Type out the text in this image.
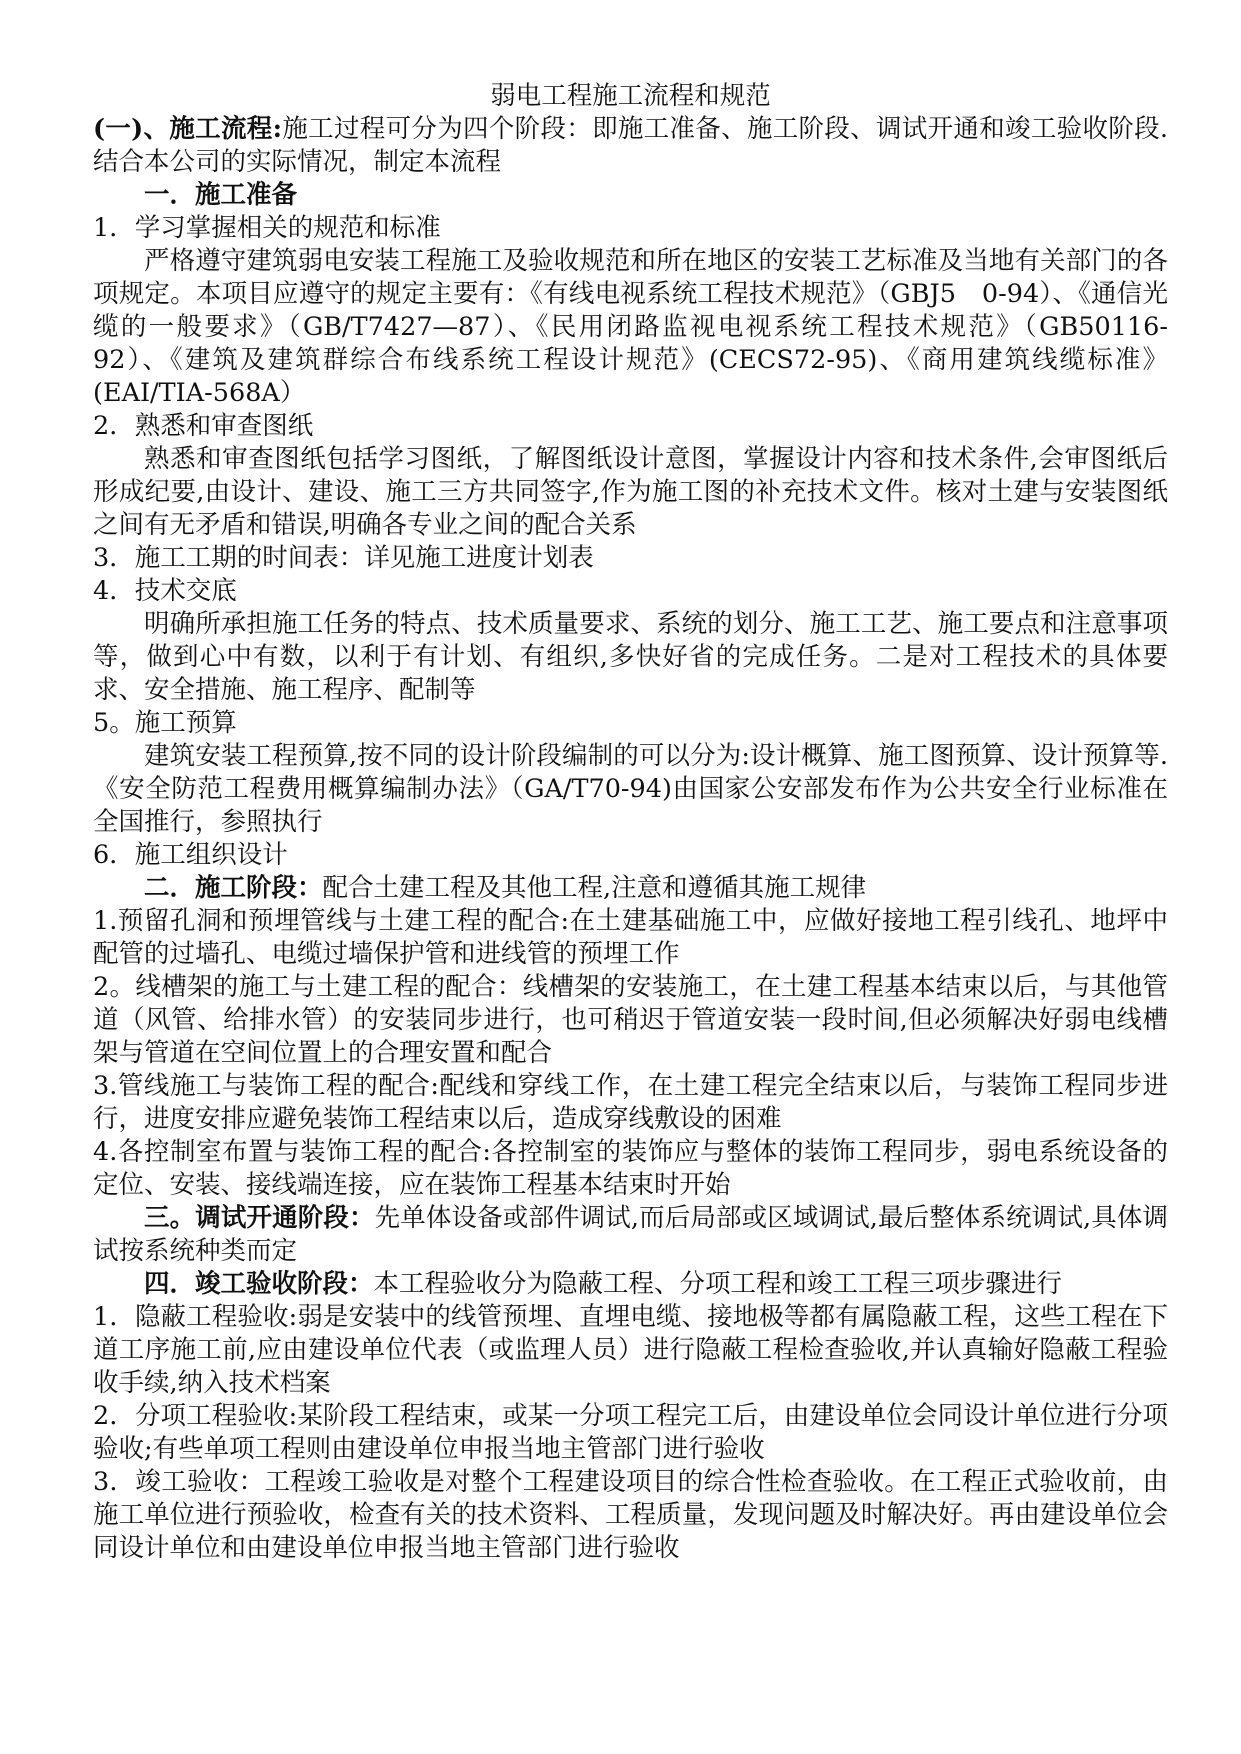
弱电工程施工流程和规范

(一)、施工流程:施工过程可分为四个阶段：即施工准备、施工阶段、调试开通和竣工验收阶段.结合本公司的实际情况，制定本流程

一．施工准备

1．学习掌握相关的规范和标准

严格遵守建筑弱电安装工程施工及验收规范和所在地区的安装工艺标准及当地有关部门的各项规定。本项目应遵守的规定主要有：《有线电视系统工程技术规范》（GBJ5　0-94）、《通信光缆的一般要求》（GB/T7427—87）、《民用闭路监视电视系统工程技术规范》（GB50116-92）、《建筑及建筑群综合布线系统工程设计规范》(CECS72-95)、《商用建筑线缆标准》(EAI/TIA-568A）

2．熟悉和审查图纸

熟悉和审查图纸包括学习图纸，了解图纸设计意图，掌握设计内容和技术条件,会审图纸后形成纪要,由设计、建设、施工三方共同签字,作为施工图的补充技术文件。核对土建与安装图纸之间有无矛盾和错误,明确各专业之间的配合关系

3．施工工期的时间表：详见施工进度计划表

4．技术交底

明确所承担施工任务的特点、技术质量要求、系统的划分、施工工艺、施工要点和注意事项等，做到心中有数，以利于有计划、有组织,多快好省的完成任务。二是对工程技术的具体要求、安全措施、施工程序、配制等

5。施工预算

建筑安装工程预算,按不同的设计阶段编制的可以分为:设计概算、施工图预算、设计预算等.《安全防范工程费用概算编制办法》（GA/T70-94)由国家公安部发布作为公共安全行业标准在全国推行，参照执行

6．施工组织设计

二．施工阶段：配合土建工程及其他工程,注意和遵循其施工规律

1.预留孔洞和预埋管线与土建工程的配合:在土建基础施工中，应做好接地工程引线孔、地坪中配管的过墙孔、电缆过墙保护管和进线管的预埋工作

2。线槽架的施工与土建工程的配合：线槽架的安装施工，在土建工程基本结束以后，与其他管道（风管、给排水管）的安装同步进行，也可稍迟于管道安装一段时间,但必须解决好弱电线槽架与管道在空间位置上的合理安置和配合

3.管线施工与装饰工程的配合:配线和穿线工作，在土建工程完全结束以后，与装饰工程同步进行，进度安排应避免装饰工程结束以后，造成穿线敷设的困难

4.各控制室布置与装饰工程的配合:各控制室的装饰应与整体的装饰工程同步，弱电系统设备的定位、安装、接线端连接，应在装饰工程基本结束时开始

三。调试开通阶段：先单体设备或部件调试,而后局部或区域调试,最后整体系统调试,具体调试按系统种类而定

四．竣工验收阶段：本工程验收分为隐蔽工程、分项工程和竣工工程三项步骤进行

1．隐蔽工程验收:弱是安装中的线管预埋、直埋电缆、接地极等都有属隐蔽工程，这些工程在下道工序施工前,应由建设单位代表（或监理人员）进行隐蔽工程检查验收,并认真输好隐蔽工程验收手续,纳入技术档案

2．分项工程验收:某阶段工程结束，或某一分项工程完工后，由建设单位会同设计单位进行分项验收;有些单项工程则由建设单位申报当地主管部门进行验收

3．竣工验收：工程竣工验收是对整个工程建设项目的综合性检查验收。在工程正式验收前，由施工单位进行预验收，检查有关的技术资料、工程质量，发现问题及时解决好。再由建设单位会同设计单位和由建设单位申报当地主管部门进行验收
